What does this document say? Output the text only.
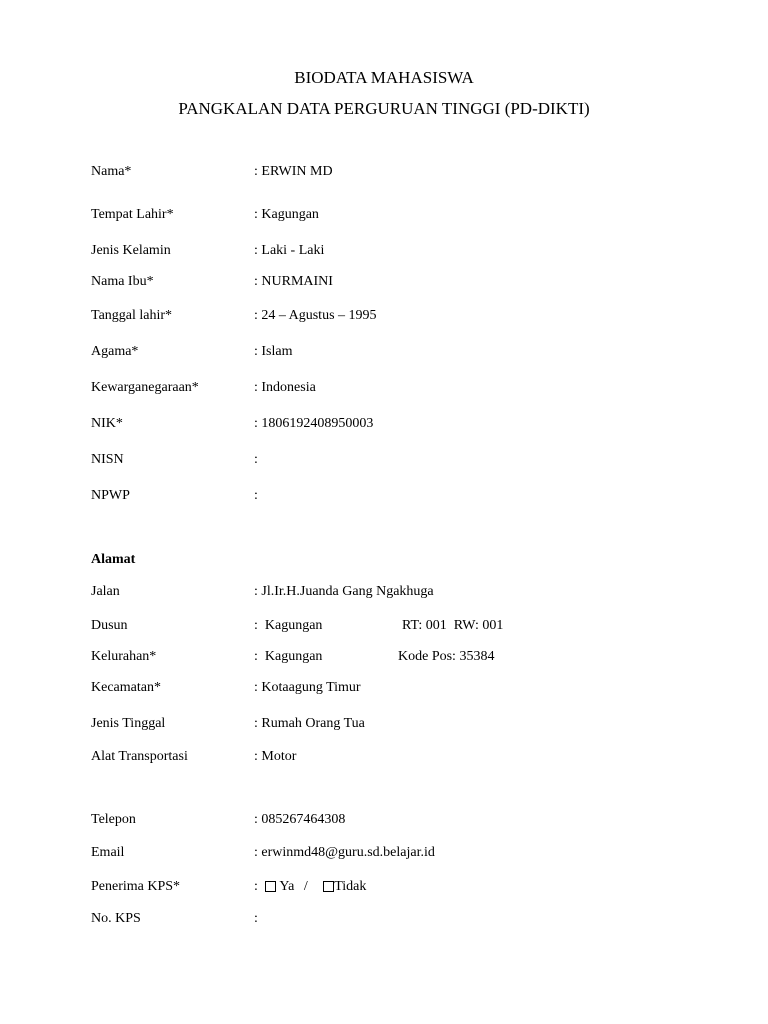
BIODATA MAHASISWA
PANGKALAN DATA PERGURUAN TINGGI (PD-DIKTI)
Nama*	: ERWIN MD
Tempat Lahir*	: Kagungan
Jenis Kelamin	: Laki - Laki
Nama Ibu*	: NURMAINI
Tanggal lahir*	: 24 – Agustus – 1995
Agama*	: Islam
Kewarganegaraan*	: Indonesia
NIK*	: 1806192408950003
NISN	:
NPWP	:
Alamat
Jalan	: Jl.Ir.H.Juanda Gang Ngakhuga
Dusun	:  Kagungan	RT: 001  RW: 001
Kelurahan*	:  Kagungan	Kode Pos: 35384
Kecamatan*	: Kotaagung Timur
Jenis Tinggal	: Rumah Orang Tua
Alat Transportasi	: Motor
Telepon	: 085267464308
Email	: erwinmd48@guru.sd.belajar.id
Penerima KPS*	: Ya / Tidak
No. KPS	:
